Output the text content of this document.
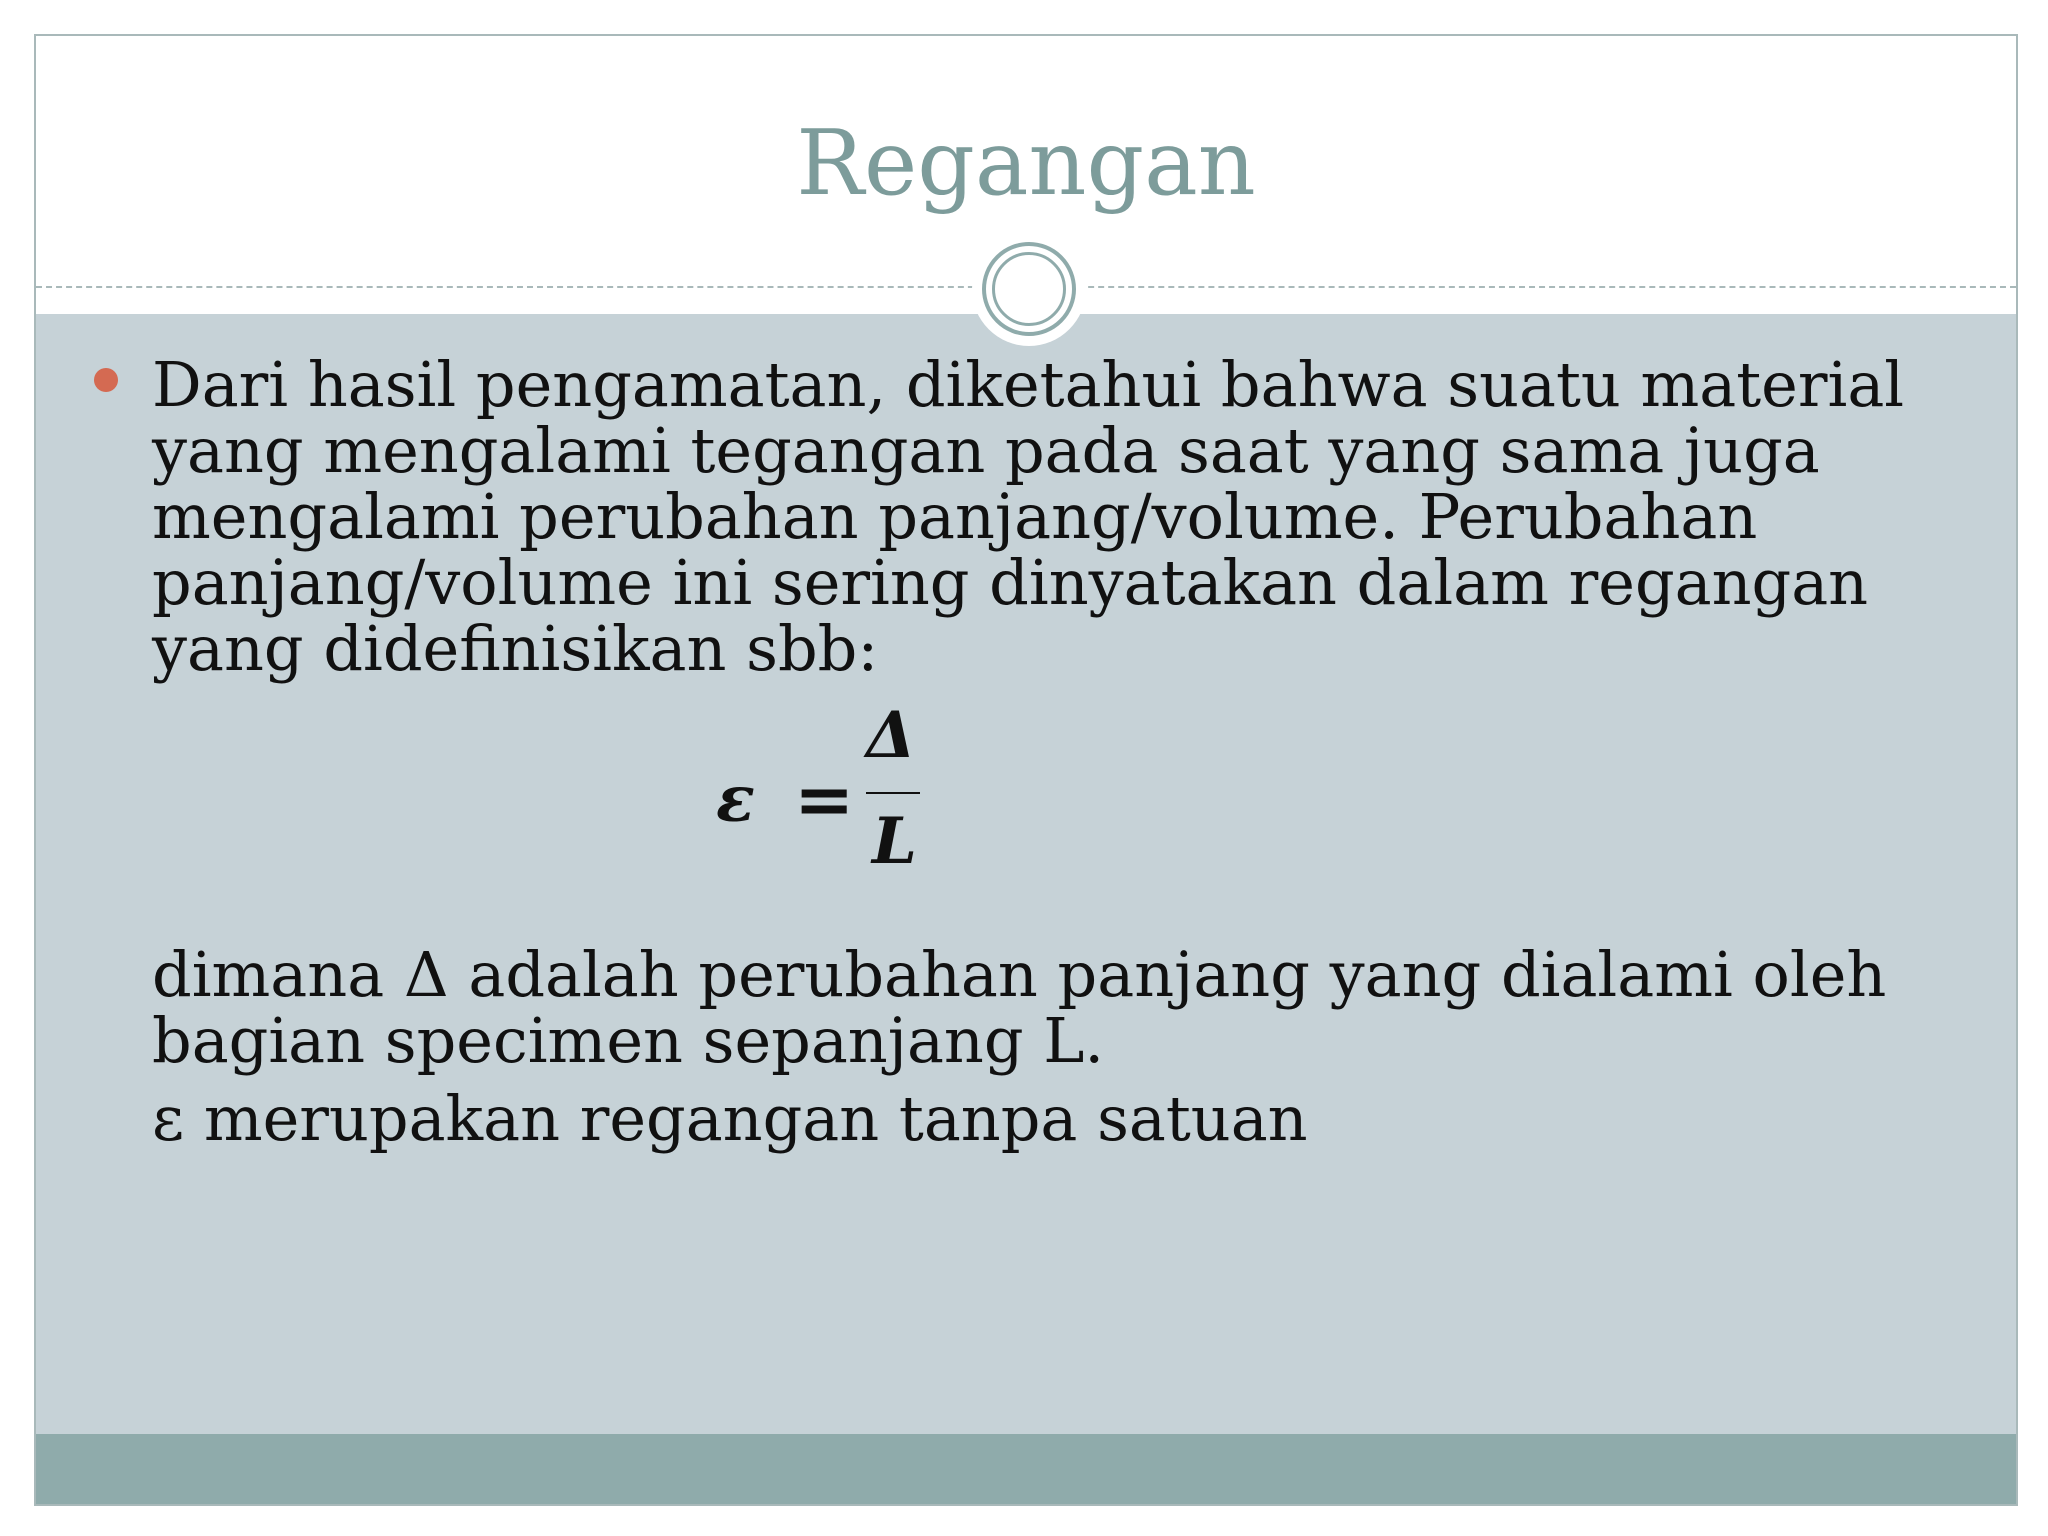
Regangan

Dari hasil pengamatan, diketahui bahwa suatu material yang mengalami tegangan pada saat yang sama juga mengalami perubahan panjang/volume. Perubahan panjang/volume ini sering dinyatakan dalam regangan yang didefinisikan sbb:

ε =
Δ
L

dimana Δ adalah perubahan panjang yang dialami oleh bagian specimen sepanjang L.

ε merupakan regangan tanpa satuan
